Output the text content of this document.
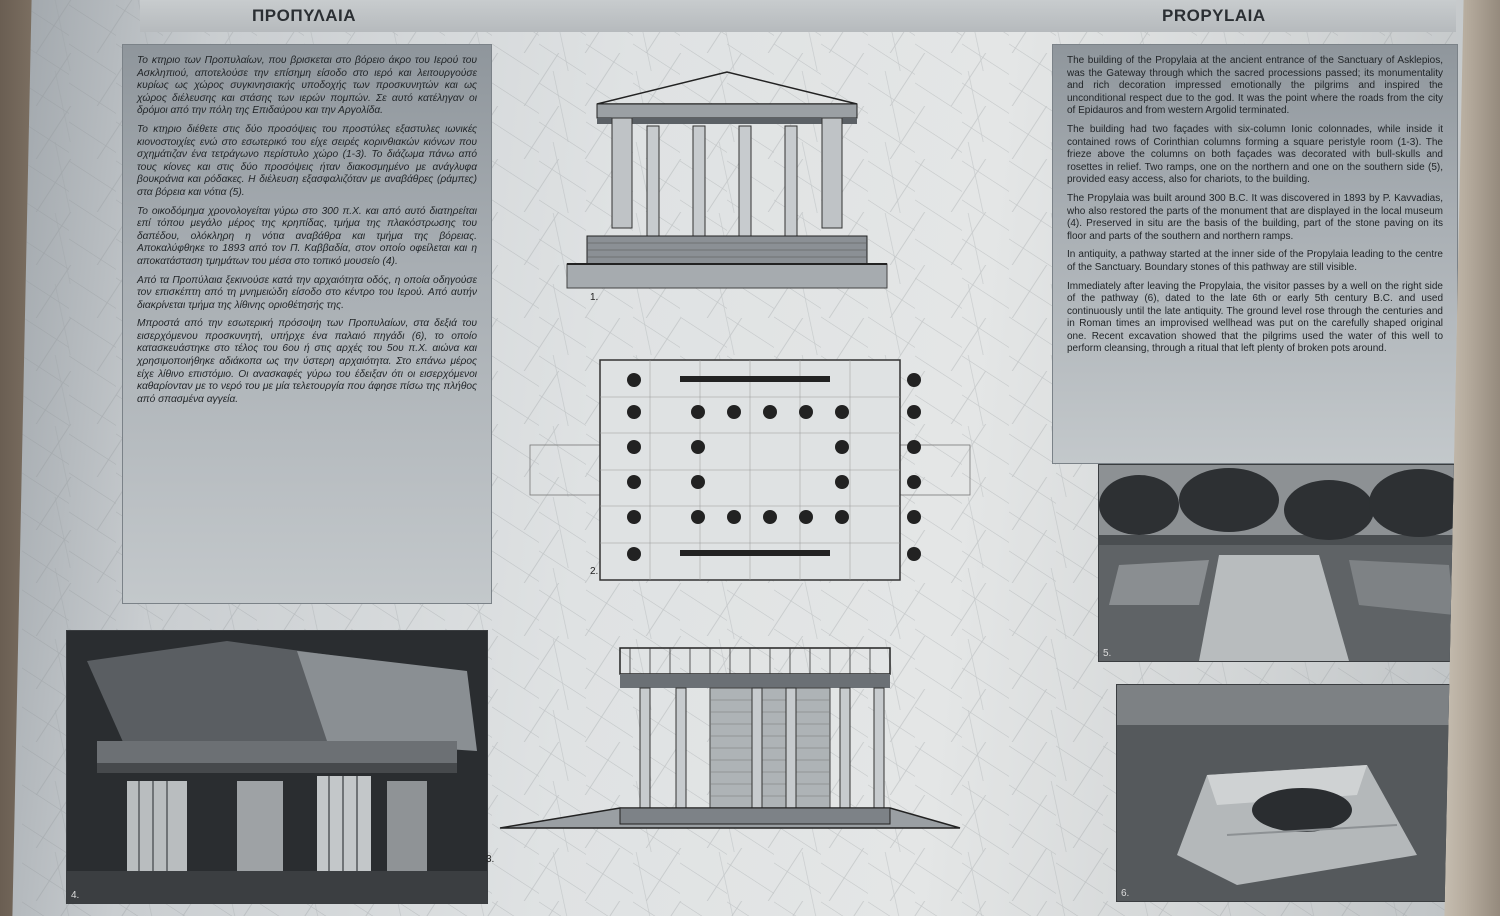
ΠΡΟΠΥΛΑΙΑ	PROPYLAIA

Το κτηριο των Προπυλαίων, που βρισκεται στο βόρειο άκρο του Ιερού του Ασκληπιού, αποτελούσε την επίσημη είσοδο στο ιερό και λειτουργούσε κυρίως ως χώρος συγκινησιακής υποδοχής των προσκυνητών και ως χώρος διέλευσης και στάσης των ιερών πομπών. Σε αυτό κατέληγαν οι δρόμοι από την πόλη της Επιδαύρου και την Αργολίδα.

Το κτηριο διέθετε στις δύο προσόψεις του προστύλες εξαστυλες ιωνικές κιονοστοιχίες ενώ στο εσωτερικό του είχε σειρές κορινθιακών κιόνων που σχημάτιζαν ένα τετράγωνο περίστυλο χώρο (1-3). Το διάζωμα πάνω από τους κίονες και στις δύο προσόψεις ήταν διακοσμημένο με ανάγλυφα βουκράνια και ρόδακες. Η διέλευση εξασφαλιζόταν με αναβάθρες (ράμπες) στα βόρεια και νότια (5).

Το οικοδόμημα χρονολογείται γύρω στο 300 π.Χ. και από αυτό διατηρείται επί τόπου μεγάλο μέρος της κρηπίδας, τμήμα της πλακόστρωσης του δαπέδου, ολόκληρη η νότια αναβάθρα και τμήμα της βόρειας. Αποκαλύφθηκε το 1893 από τον Π. Καββαδία, στον οποίο οφείλεται και η αποκατάσταση τμημάτων του μέσα στο τοπικό μουσείο (4).

Από τα Προπύλαια ξεκινούσε κατά την αρχαιότητα οδός, η οποία οδηγούσε τον επισκέπτη από τη μνημειώδη είσοδο στο κέντρο του Ιερού. Από αυτήν διακρίνεται τμήμα της λίθινης οριοθέτησής της.

Μπροστά από την εσωτερική πρόσοψη των Προπυλαίων, στα δεξιά του εισερχόμενου προσκυνητή, υπήρχε ένα παλαιό πηγάδι (6), το οποίο κατασκευάστηκε στο τέλος του 6ου ή στις αρχές του 5ου π.Χ. αιώνα και χρησιμοποιήθηκε αδιάκοπα ως την ύστερη αρχαιότητα. Στο επάνω μέρος είχε λίθινο επιστόμιο. Οι ανασκαφές γύρω του έδειξαν ότι οι εισερχόμενοι καθαρίονταν με το νερό του με μία τελετουργία που άφησε πίσω της πλήθος από σπασμένα αγγεία.

The building of the Propylaia at the ancient entrance of the Sanctuary of Asklepios, was the Gateway through which the sacred processions passed; its monumentality and rich decoration impressed emotionally the pilgrims and inspired the unconditional respect due to the god. It was the point where the roads from the city of Epidauros and from western Argolid terminated.

The building had two façades with six-column Ionic colonnades, while inside it contained rows of Corinthian columns forming a square peristyle room (1-3). The frieze above the columns on both façades was decorated with bull-skulls and rosettes in relief. Two ramps, one on the northern and one on the southern side (5), provided easy access, also for chariots, to the building.

The Propylaia was built around 300 B.C. It was discovered in 1893 by P. Kavvadias, who also restored the parts of the monument that are displayed in the local museum (4). Preserved in situ are the basis of the building, part of the stone paving on its floor and parts of the southern and northern ramps.

In antiquity, a pathway started at the inner side of the Propylaia leading to the centre of the Sanctuary. Boundary stones of this pathway are still visible.

Immediately after leaving the Propylaia, the visitor passes by a well on the right side of the pathway (6), dated to the late 6th or early 5th century B.C. and used continuously until the late antiquity. The ground level rose through the centuries and in Roman times an improvised wellhead was put on the carefully shaped original one. Recent excavation showed that the pilgrims used the water of this well to perform cleansing, through a ritual that left plenty of broken pots around.

4.
5.
6.
1.
2.
3.
